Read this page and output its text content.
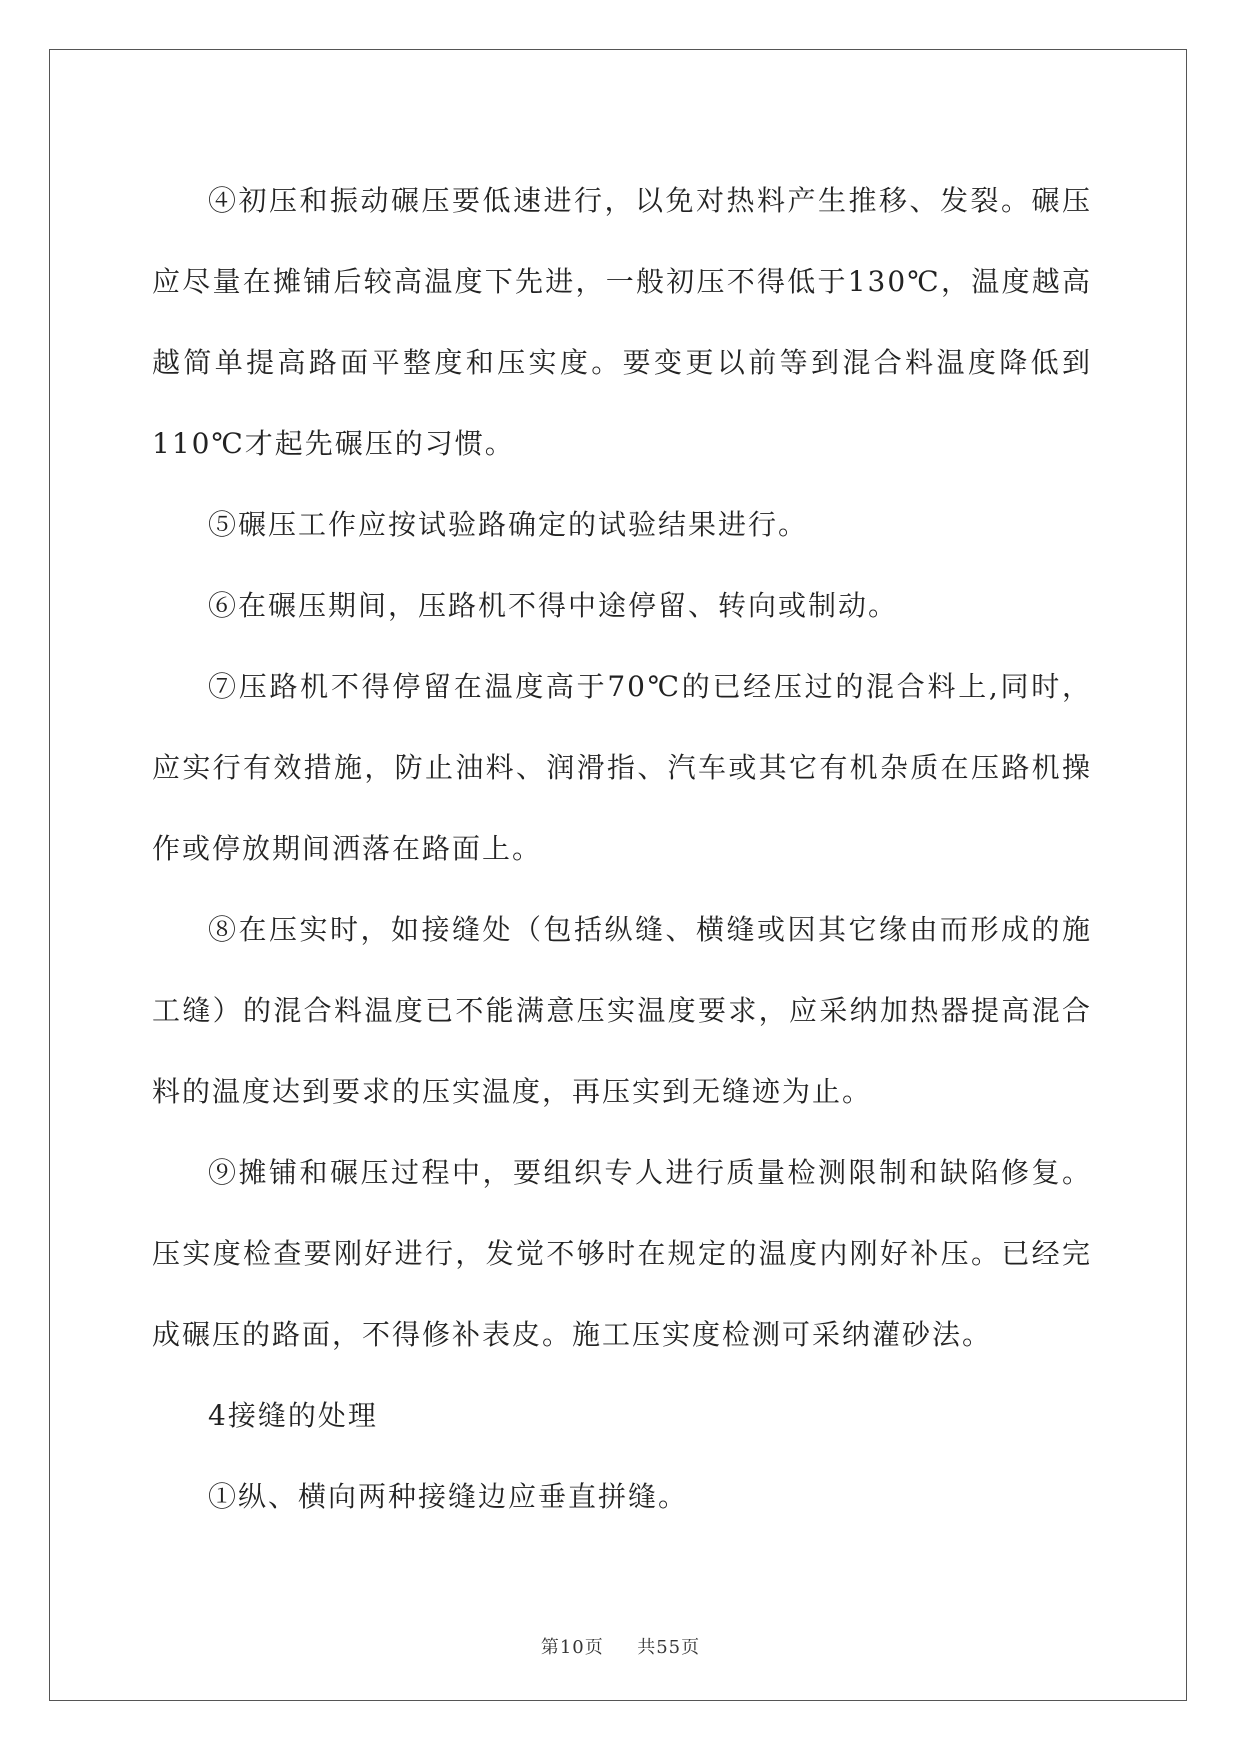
④初压和振动碾压要低速进行，以免对热料产生推移、发裂。碾压应尽量在摊铺后较高温度下先进，一般初压不得低于130℃，温度越高越简单提高路面平整度和压实度。要变更以前等到混合料温度降低到110℃才起先碾压的习惯。

⑤碾压工作应按试验路确定的试验结果进行。

⑥在碾压期间，压路机不得中途停留、转向或制动。

⑦压路机不得停留在温度高于70℃的已经压过的混合料上,同时，应实行有效措施，防止油料、润滑指、汽车或其它有机杂质在压路机操作或停放期间洒落在路面上。

⑧在压实时，如接缝处（包括纵缝、横缝或因其它缘由而形成的施工缝）的混合料温度已不能满意压实温度要求，应采纳加热器提高混合料的温度达到要求的压实温度，再压实到无缝迹为止。

⑨摊铺和碾压过程中，要组织专人进行质量检测限制和缺陷修复。压实度检查要刚好进行，发觉不够时在规定的温度内刚好补压。已经完成碾压的路面，不得修补表皮。施工压实度检测可采纳灌砂法。

4接缝的处理

①纵、横向两种接缝边应垂直拼缝。

第10页 共55页
